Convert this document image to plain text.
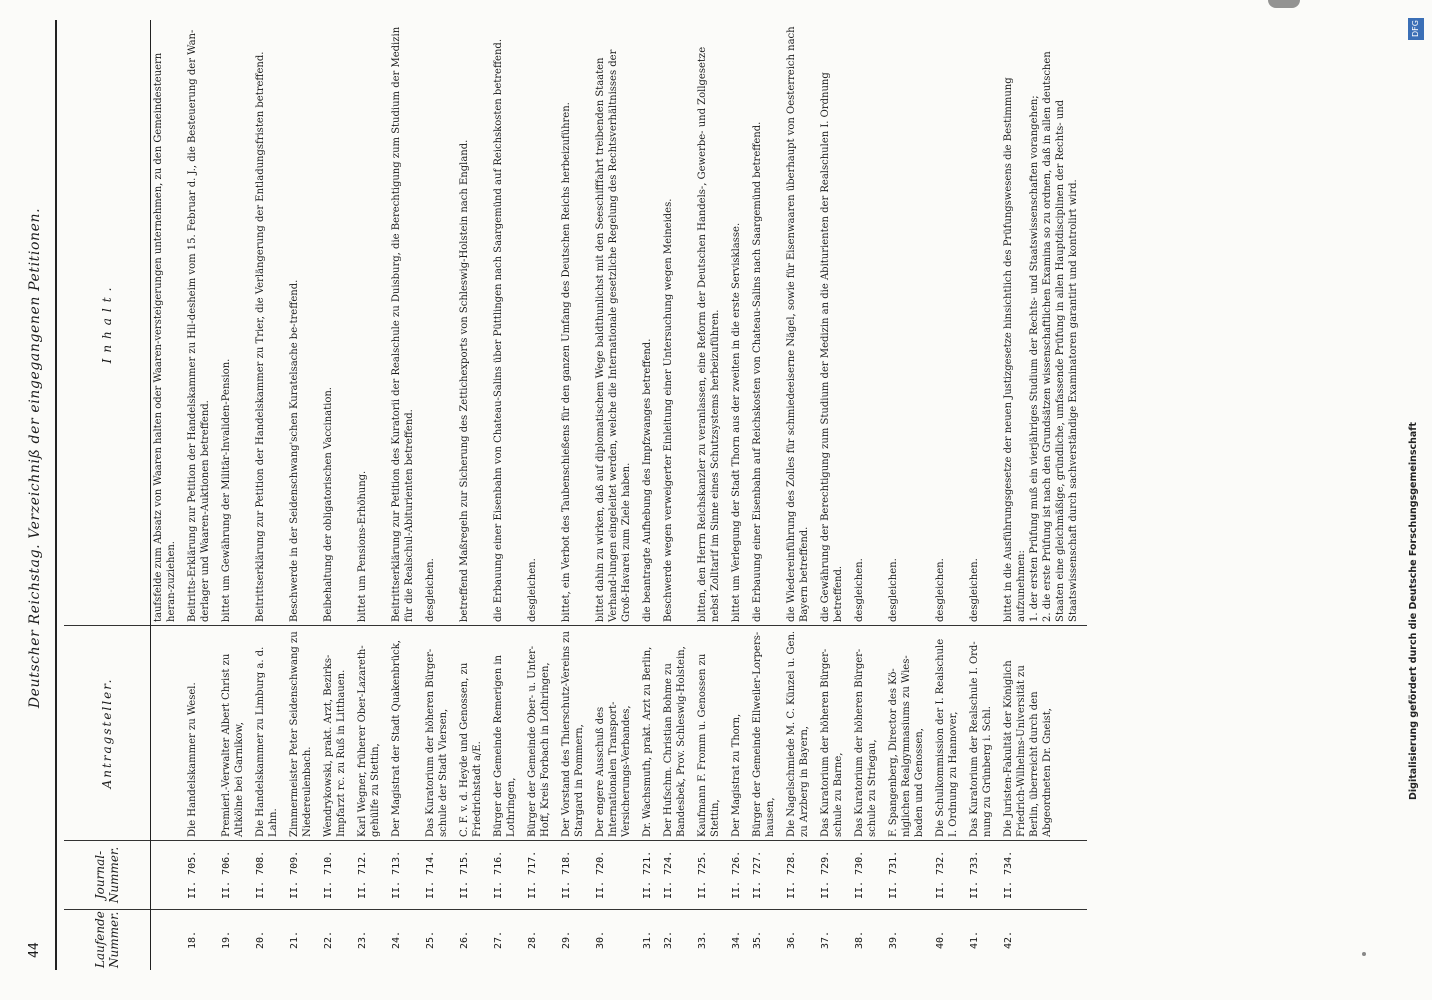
44
Deutscher Reichstag. Verzeichniß der eingegangenen Petitionen.
Laufende Nummer.	Journal-Nummer.	Antragsteller.	Inhalt.
			taufsfelde zum Absatz von Waaren halten oder Waaren-versteigerungen unternehmen, zu den Gemeindesteuern heran-zuziehen.
18.	II. 705.	Die Handelskammer zu Wesel.	Beitritts-Erklärung zur Petition der Handelskammer zu Hil-desheim vom 15. Februar d. J., die Besteuerung der Wan-derlager und Waaren-Auktionen betreffend.
19.	II. 706.	Premierl.-Verwalter Albert Christ zu Altkölne bei Garnikow,	bittet um Gewährung der Militär-Invaliden-Pension.
20.	II. 708.	Die Handelskammer zu Limburg a. d. Lahn.	Beitrittserklärung zur Petition der Handelskammer zu Trier, die Verlängerung der Entladungsfristen betreffend.
21.	II. 709.	Zimmermeister Peter Seidenschwang zu Niedereulenbach.	Beschwerde in der Seidenschwang'schen Kuratelsache be-treffend.
22.	II. 710.	Wendrykowski, prakt. Arzt, Bezirks-Impfarzt rc. zu Ruß in Litthauen.	Beibehaltung der obligatorischen Vaccination.
23.	II. 712.	Karl Wegner, früherer Ober-Lazareth-gehülfe zu Stettin,	bittet um Pensions-Erhöhung.
24.	II. 713.	Der Magistrat der Stadt Quakenbrück,	Beitrittserklärung zur Petition des Kuratorii der Realschule zu Duisburg, die Berechtigung zum Studium der Medizin für die Realschul-Abiturienten betreffend.
25.	II. 714.	Das Kuratorium der höheren Bürger-schule der Stadt Viersen,	desgleichen.
26.	II. 715.	C. F. v. d. Heyde und Genossen, zu Friedrichstadt a/E.	betreffend Maßregeln zur Sicherung des Zettichexports von Schleswig-Holstein nach England.
27.	II. 716.	Bürger der Gemeinde Remerigen in Lothringen,	die Erbauung einer Eisenbahn von Chateau-Salins über Püttlingen nach Saargemünd auf Reichskosten betreffend.
28.	II. 717.	Bürger der Gemeinde Ober- u. Unter-Hoff, Kreis Forbach in Lothringen,	desgleichen.
29.	II. 718.	Der Vorstand des Thierschutz-Vereins zu Stargard in Pommern,	bittet, ein Verbot des Taubenschießens für den ganzen Umfang des Deutschen Reichs herbeizuführen.
30.	II. 720.	Der engere Ausschuß des Internationalen Transport-Versicherungs-Verbandes,	bittet dahin zu wirken, daß auf diplomatischem Wege baldthunlichst mit den Seeschifffahrt treibenden Staaten Verhand-lungen eingeleitet werden, welche die Internationale gesetzliche Regelung des Rechtsverhältnisses der Groß-Havarei zum Ziele haben.
31.	II. 721.	Dr. Wachsmuth, prakt. Arzt zu Berlin,	die beantragte Aufhebung des Impfzwanges betreffend.
32.	II. 724.	Der Hufschm. Christian Bohme zu Bandesbek, Prov. Schleswig-Holstein,	Beschwerde wegen verweigerter Einleitung einer Untersuchung wegen Meineides.
33.	II. 725.	Kaufmann F. Fromm u. Genossen zu Stettin,	bitten, den Herrn Reichskanzler zu veranlassen, eine Reform der Deutschen Handels-, Gewerbe- und Zollgesetze nebst Zolltarif im Sinne eines Schutzsystems herbeizuführen.
34.	II. 726.	Der Magistrat zu Thorn,	bittet um Verlegung der Stadt Thorn aus der zweiten in die erste Servisklasse.
35.	II. 727.	Bürger der Gemeinde Ellweiler-Lorpers-hausen,	die Erbauung einer Eisenbahn auf Reichskosten von Chateau-Salins nach Saargemünd betreffend.
36.	II. 728.	Die Nagelschmiede M. C. Künzel u. Gen. zu Arzberg in Bayern,	die Wiedereinführung des Zolles für schmiedeeiserne Nägel, sowie für Eisenwaaren überhaupt von Oesterreich nach Bayern betreffend.
37.	II. 729.	Das Kuratorium der höheren Bürger-schule zu Barne,	die Gewährung der Berechtigung zum Studium der Medizin an die Abiturienten der Realschulen I. Ordnung betreffend.
38.	II. 730.	Das Kuratorium der höheren Bürger-schule zu Striegau,	desgleichen.
39.	II. 731.	F. Spangenberg, Director des Kö-niglichen Realgymnasiums zu Wies-baden und Genossen,	desgleichen.
40.	II. 732.	Die Schulkommission der I. Realschule I. Ordnung zu Hannover,	desgleichen.
41.	II. 733.	Das Kuratorium der Realschule I. Ord-nung zu Grünberg i. Schl.	desgleichen.
42.	II. 734.	Die Juristen-Fakultät der Königlich Friedrich-Wilhelms-Universität zu Berlin, überreicht durch den Abgeordneten Dr. Gneist,	bittet in die Ausführungsgesetze der neuen Justizgesetze hinsichtlich des Prüfungswesens die Bestimmung aufzunehmen:
1. der ersten Prüfung muß ein vierjähriges Studium der Rechts- und Staatswissenschaften vorangehen;
2. die erste Prüfung ist nach den Grundsätzen wissenschaftlichen Examina so zu ordnen, daß in allen deutschen Staaten eine gleichmäßige, gründliche, umfassende Prüfung in allen Hauptdisciplinen der Rechts- und Staatswissenschaft durch sachverständige Examinatoren garantirt und kontrolirt wird.
Digitalisierung gefördert durch die Deutsche Forschungsgemeinschaft
DFG
